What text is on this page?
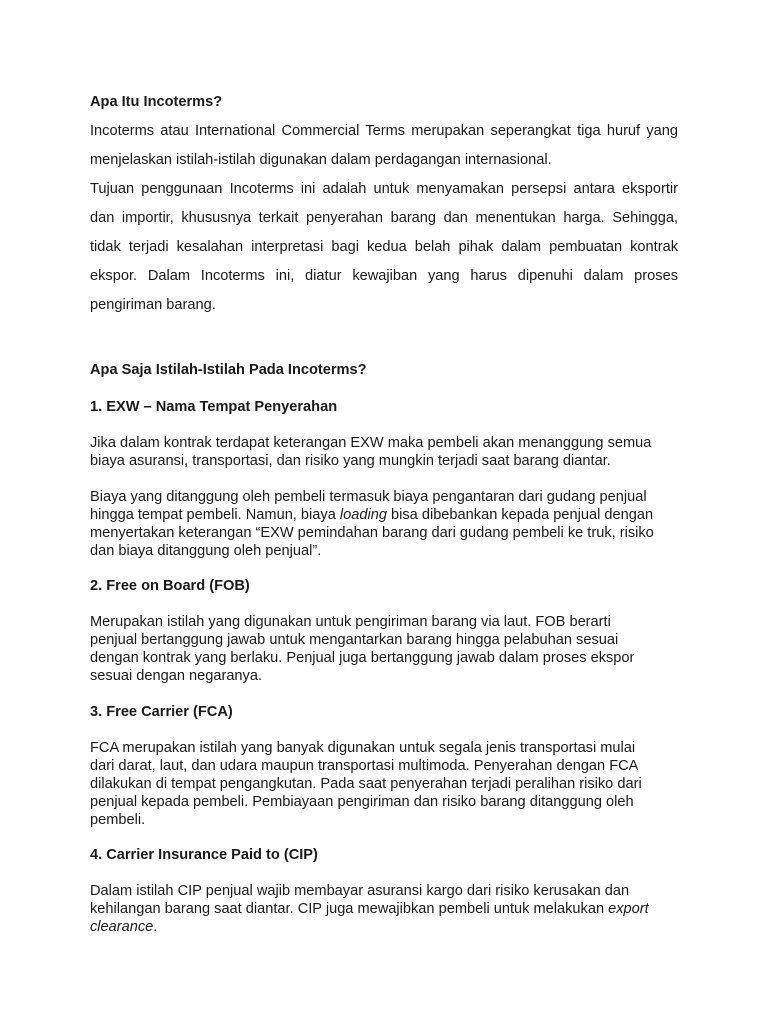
Apa Itu Incoterms?

Incoterms atau International Commercial Terms merupakan seperangkat tiga huruf yang menjelaskan istilah-istilah digunakan dalam perdagangan internasional.

Tujuan penggunaan Incoterms ini adalah untuk menyamakan persepsi antara eksportir dan importir, khususnya terkait penyerahan barang dan menentukan harga. Sehingga, tidak terjadi kesalahan interpretasi bagi kedua belah pihak dalam pembuatan kontrak ekspor. Dalam Incoterms ini, diatur kewajiban yang harus dipenuhi dalam proses pengiriman barang.

Apa Saja Istilah-Istilah Pada Incoterms?
1. EXW – Nama Tempat Penyerahan

Jika dalam kontrak terdapat keterangan EXW maka pembeli akan menanggung semua
biaya asuransi, transportasi, dan risiko yang mungkin terjadi saat barang diantar.

Biaya yang ditanggung oleh pembeli termasuk biaya pengantaran dari gudang penjual
hingga tempat pembeli. Namun, biaya loading bisa dibebankan kepada penjual dengan
menyertakan keterangan “EXW pemindahan barang dari gudang pembeli ke truk, risiko
dan biaya ditanggung oleh penjual”.

2. Free on Board (FOB)

Merupakan istilah yang digunakan untuk pengiriman barang via laut. FOB berarti
penjual bertanggung jawab untuk mengantarkan barang hingga pelabuhan sesuai
dengan kontrak yang berlaku. Penjual juga bertanggung jawab dalam proses ekspor
sesuai dengan negaranya.

3. Free Carrier (FCA)

FCA merupakan istilah yang banyak digunakan untuk segala jenis transportasi mulai
dari darat, laut, dan udara maupun transportasi multimoda. Penyerahan dengan FCA
dilakukan di tempat pengangkutan. Pada saat penyerahan terjadi peralihan risiko dari
penjual kepada pembeli. Pembiayaan pengiriman dan risiko barang ditanggung oleh
pembeli.

4. Carrier Insurance Paid to (CIP)

Dalam istilah CIP penjual wajib membayar asuransi kargo dari risiko kerusakan dan
kehilangan barang saat diantar. CIP juga mewajibkan pembeli untuk melakukan export
clearance.
